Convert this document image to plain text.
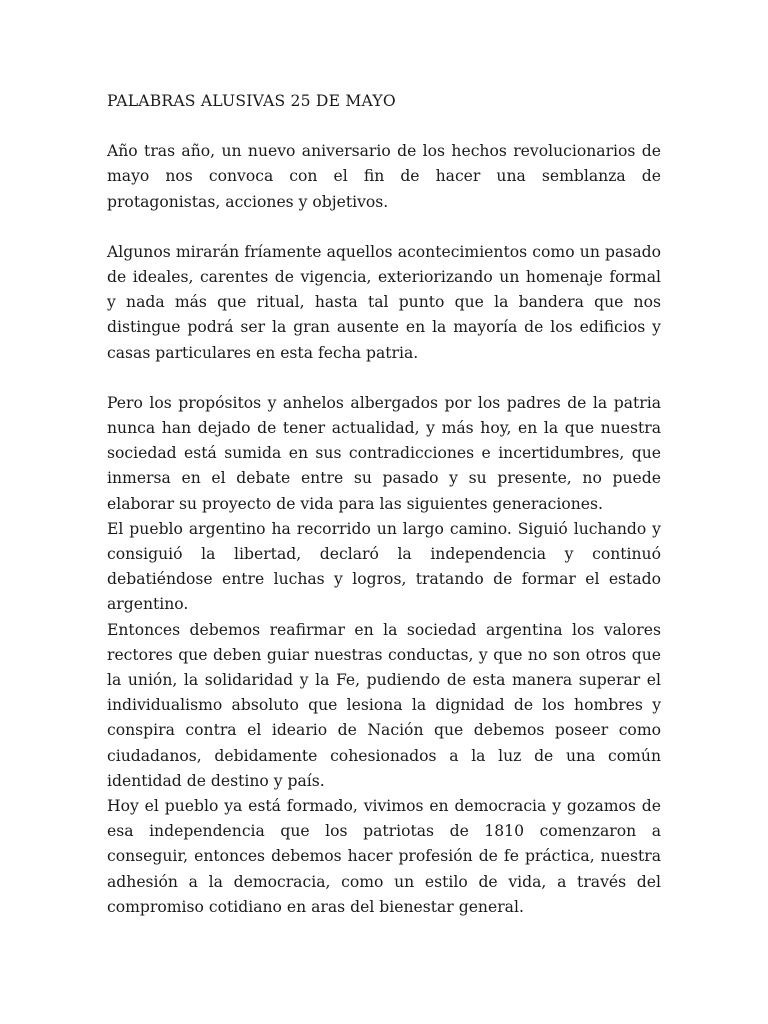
PALABRAS ALUSIVAS 25 DE MAYO

Año tras año, un nuevo aniversario de los hechos revolucionarios de mayo nos convoca con el fin de hacer una semblanza de protagonistas, acciones y objetivos.

Algunos mirarán fríamente aquellos acontecimientos como un pasado de ideales, carentes de vigencia, exteriorizando un homenaje formal y nada más que ritual, hasta tal punto que la bandera que nos distingue podrá ser la gran ausente en la mayoría de los edificios y casas particulares en esta fecha patria.

Pero los propósitos y anhelos albergados por los padres de la patria nunca han dejado de tener actualidad, y más hoy, en la que nuestra sociedad está sumida en sus contradicciones e incertidumbres, que inmersa en el debate entre su pasado y su presente, no puede elaborar su proyecto de vida para las siguientes generaciones.

El pueblo argentino ha recorrido un largo camino. Siguió luchando y consiguió la libertad, declaró la independencia y continuó debatiéndose entre luchas y logros, tratando de formar el estado argentino.

Entonces debemos reafirmar en la sociedad argentina los valores rectores que deben guiar nuestras conductas, y que no son otros que la unión, la solidaridad y la Fe, pudiendo de esta manera superar el individualismo absoluto que lesiona la dignidad de los hombres y conspira contra el ideario de Nación que debemos poseer como ciudadanos, debidamente cohesionados a la luz de una común identidad de destino y país.

Hoy el pueblo ya está formado, vivimos en democracia y gozamos de esa independencia que los patriotas de 1810 comenzaron a conseguir, entonces debemos hacer profesión de fe práctica, nuestra adhesión a la democracia, como un estilo de vida, a través del compromiso cotidiano en aras del bienestar general.
